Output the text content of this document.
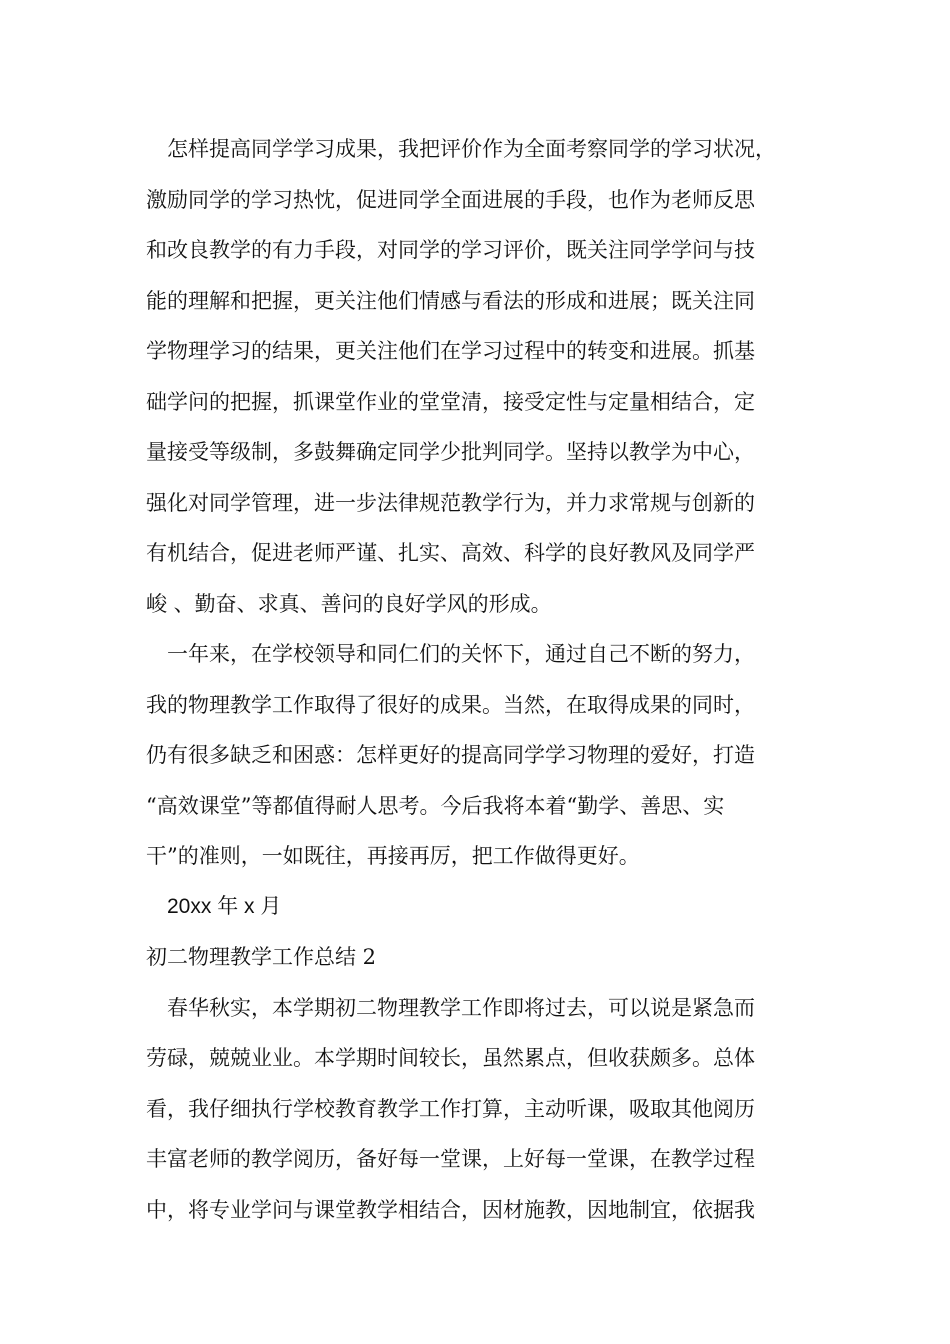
　怎样提高同学学习成果，我把评价作为全面考察同学的学习状况，
激励同学的学习热忱，促进同学全面进展的手段，也作为老师反思
和改良教学的有力手段，对同学的学习评价，既关注同学学问与技
能的理解和把握，更关注他们情感与看法的形成和进展；既关注同
学物理学习的结果，更关注他们在学习过程中的转变和进展。抓基
础学问的把握，抓课堂作业的堂堂清，接受定性与定量相结合，定
量接受等级制，多鼓舞确定同学少批判同学。坚持以教学为中心，
强化对同学管理，进一步法律规范教学行为，并力求常规与创新的
有机结合，促进老师严谨、扎实、高效、科学的良好教风及同学严
峻 、勤奋、求真、善问的良好学风的形成。
　一年来，在学校领导和同仁们的关怀下，通过自己不断的努力，
我的物理教学工作取得了很好的成果。当然，在取得成果的同时，
仍有很多缺乏和困惑：怎样更好的提高同学学习物理的爱好，打造
“高效课堂”等都值得耐人思考。今后我将本着“勤学、善思、实
干”的准则，一如既往，再接再厉，把工作做得更好。
　20xx 年 x 月
初二物理教学工作总结 2
　春华秋实，本学期初二物理教学工作即将过去，可以说是紧急而
劳碌，兢兢业业。本学期时间较长，虽然累点，但收获颇多。总体
看，我仔细执行学校教育教学工作打算，主动听课，吸取其他阅历
丰富老师的教学阅历，备好每一堂课，上好每一堂课，在教学过程
中，将专业学问与课堂教学相结合，因材施教，因地制宜，依据我
